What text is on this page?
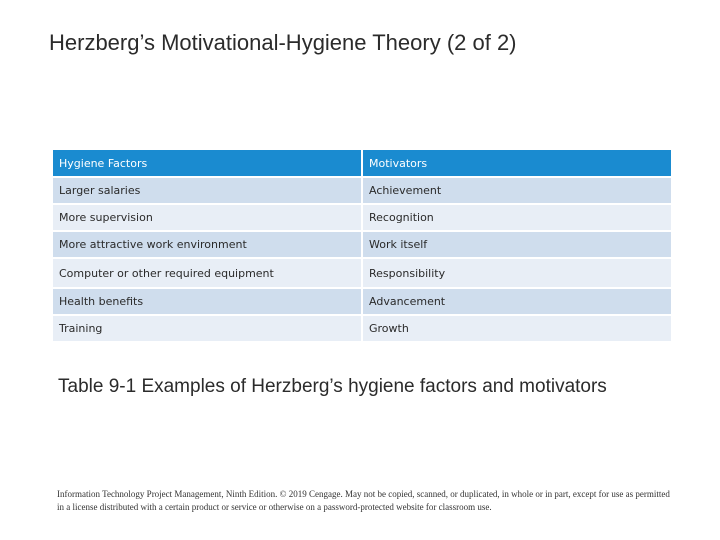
Herzberg’s Motivational-Hygiene Theory (2 of 2)
Hygiene Factors	Motivators
Larger salaries	Achievement
More supervision	Recognition
More attractive work environment	Work itself
Computer or other required equipment	Responsibility
Health benefits	Advancement
Training	Growth

Table 9-1 Examples of Herzberg’s hygiene factors and motivators

Information Technology Project Management, Ninth Edition. © 2019 Cengage. May not be copied, scanned, or duplicated, in whole or in part, except for use as permitted in a license distributed with a certain product or service or otherwise on a password-protected website for classroom use.
